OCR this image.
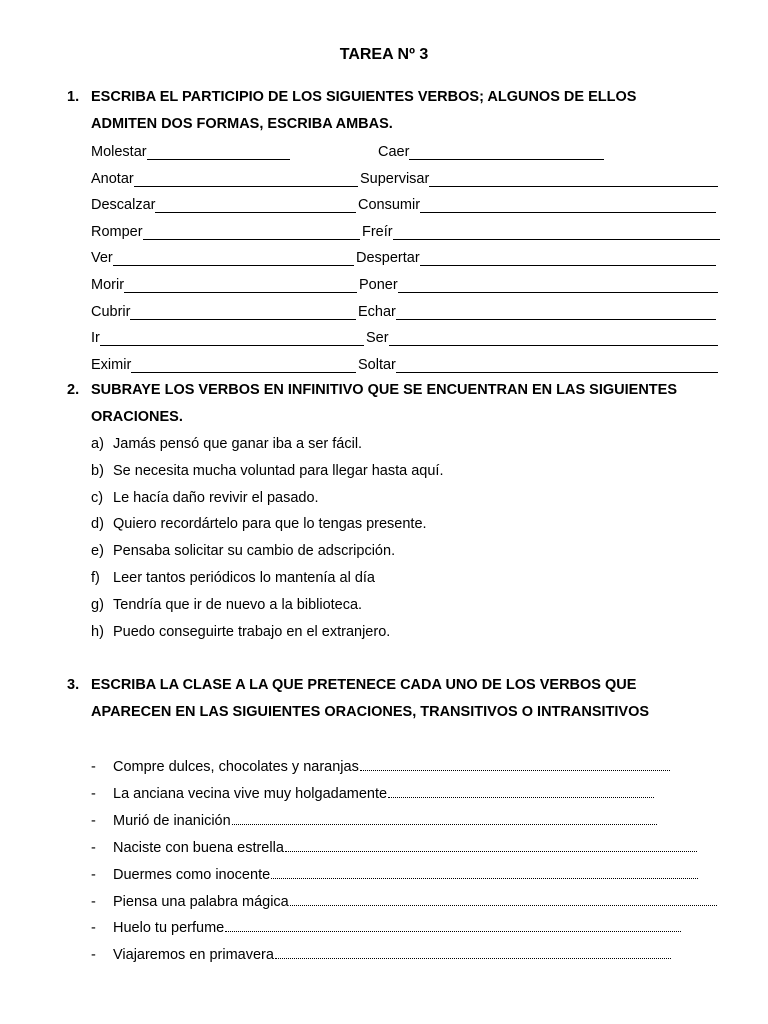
TAREA Nº 3
1. ESCRIBA EL PARTICIPIO DE LOS SIGUIENTES VERBOS; ALGUNOS DE ELLOS
ADMITEN DOS FORMAS, ESCRIBA AMBAS.
Molestar	Caer
Anotar	Supervisar
Descalzar	Consumir
Romper	Freír
Ver	Despertar
Morir	Poner
Cubrir	Echar
Ir	Ser
Eximir	Soltar
2. SUBRAYE LOS VERBOS EN INFINITIVO QUE SE ENCUENTRAN EN LAS SIGUIENTES
ORACIONES.
a) Jamás pensó que ganar iba a ser fácil.
b) Se necesita mucha voluntad para llegar hasta aquí.
c) Le hacía daño revivir el pasado.
d) Quiero recordártelo para que lo tengas presente.
e) Pensaba solicitar su cambio de adscripción.
f) Leer tantos periódicos lo mantenía al día
g) Tendría que ir de nuevo a la biblioteca.
h) Puedo conseguirte trabajo en el extranjero.
3. ESCRIBA LA CLASE A LA QUE PRETENECE CADA UNO DE LOS VERBOS QUE
APARECEN EN LAS SIGUIENTES ORACIONES, TRANSITIVOS O INTRANSITIVOS
- Compre dulces, chocolates y naranjas
- La anciana vecina vive muy holgadamente
- Murió de inanición
- Naciste con buena estrella
- Duermes como inocente
- Piensa una palabra mágica
- Huelo tu perfume
- Viajaremos en primavera
